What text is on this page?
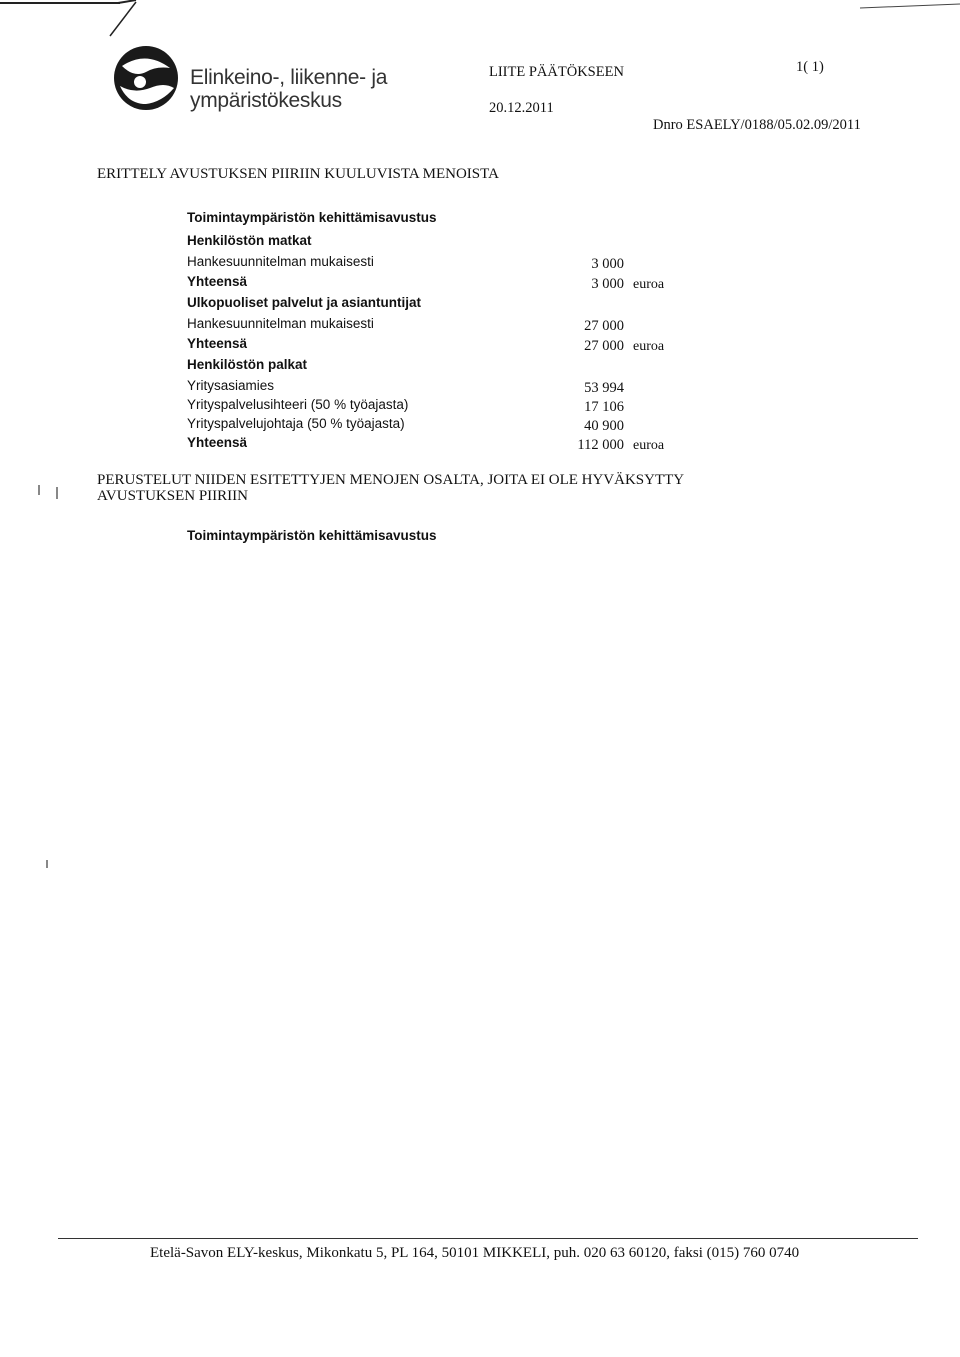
Elinkeino-, liikenne- ja
ympäristökeskus
LIITE PÄÄTÖKSEEN
20.12.2011
1( 1)
Dnro ESAELY/0188/05.02.09/2011
ERITTELY AVUSTUKSEN PIIRIIN KUULUVISTA MENOISTA
Toimintaympäristön kehittämisavustus
Henkilöstön matkat
Hankesuunnitelman mukaisesti	3 000
Yhteensä	3 000 euroa
Ulkopuoliset palvelut ja asiantuntijat
Hankesuunnitelman mukaisesti	27 000
Yhteensä	27 000 euroa
Henkilöstön palkat
Yritysasiamies	53 994
Yrityspalvelusihteeri (50 % työajasta)	17 106
Yrityspalvelujohtaja (50 % työajasta)	40 900
Yhteensä	112 000 euroa
PERUSTELUT NIIDEN ESITETTYJEN MENOJEN OSALTA, JOITA EI OLE HYVÄKSYTTY
AVUSTUKSEN PIIRIIN
Toimintaympäristön kehittämisavustus
Etelä-Savon ELY-keskus, Mikonkatu 5, PL 164, 50101 MIKKELI, puh. 020 63 60120, faksi (015) 760 0740
